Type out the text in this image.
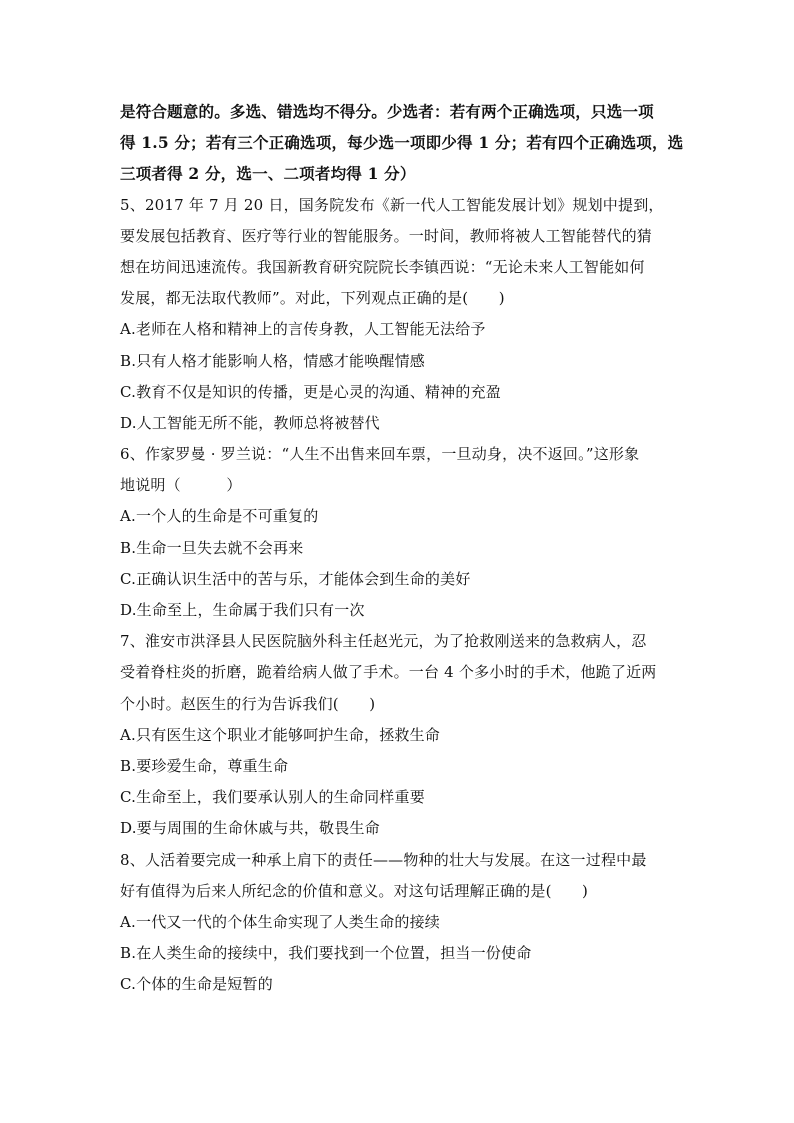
是符合题意的。多选、错选均不得分。少选者：若有两个正确选项，只选一项
得 1.5 分；若有三个正确选项，每少选一项即少得 1 分；若有四个正确选项，选
三项者得 2 分，选一、二项者均得 1 分）
5、2017 年 7 月 20 日，国务院发布《新一代人工智能发展计划》规划中提到，
要发展包括教育、医疗等行业的智能服务。一时间，教师将被人工智能替代的猜
想在坊间迅速流传。我国新教育研究院院长李镇西说：“无论未来人工智能如何
发展，都无法取代教师”。对此，下列观点正确的是(　　)
A.老师在人格和精神上的言传身教，人工智能无法给予
B.只有人格才能影响人格，情感才能唤醒情感
C.教育不仅是知识的传播，更是心灵的沟通、精神的充盈
D.人工智能无所不能，教师总将被替代
6、作家罗曼 · 罗兰说：“人生不出售来回车票，一旦动身，决不返回。”这形象
地说明（　　　）
A.一个人的生命是不可重复的
B.生命一旦失去就不会再来
C.正确认识生活中的苦与乐，才能体会到生命的美好
D.生命至上，生命属于我们只有一次
7、淮安市洪泽县人民医院脑外科主任赵光元，为了抢救刚送来的急救病人，忍
受着脊柱炎的折磨，跪着给病人做了手术。一台 4 个多小时的手术，他跪了近两
个小时。赵医生的行为告诉我们(　　)
A.只有医生这个职业才能够呵护生命，拯救生命
B.要珍爱生命，尊重生命
C.生命至上，我们要承认别人的生命同样重要
D.要与周围的生命休戚与共，敬畏生命
8、人活着要完成一种承上肩下的责任——物种的壮大与发展。在这一过程中最
好有值得为后来人所纪念的价值和意义。对这句话理解正确的是(　　)
A.一代又一代的个体生命实现了人类生命的接续
B.在人类生命的接续中，我们要找到一个位置，担当一份使命
C.个体的生命是短暂的
